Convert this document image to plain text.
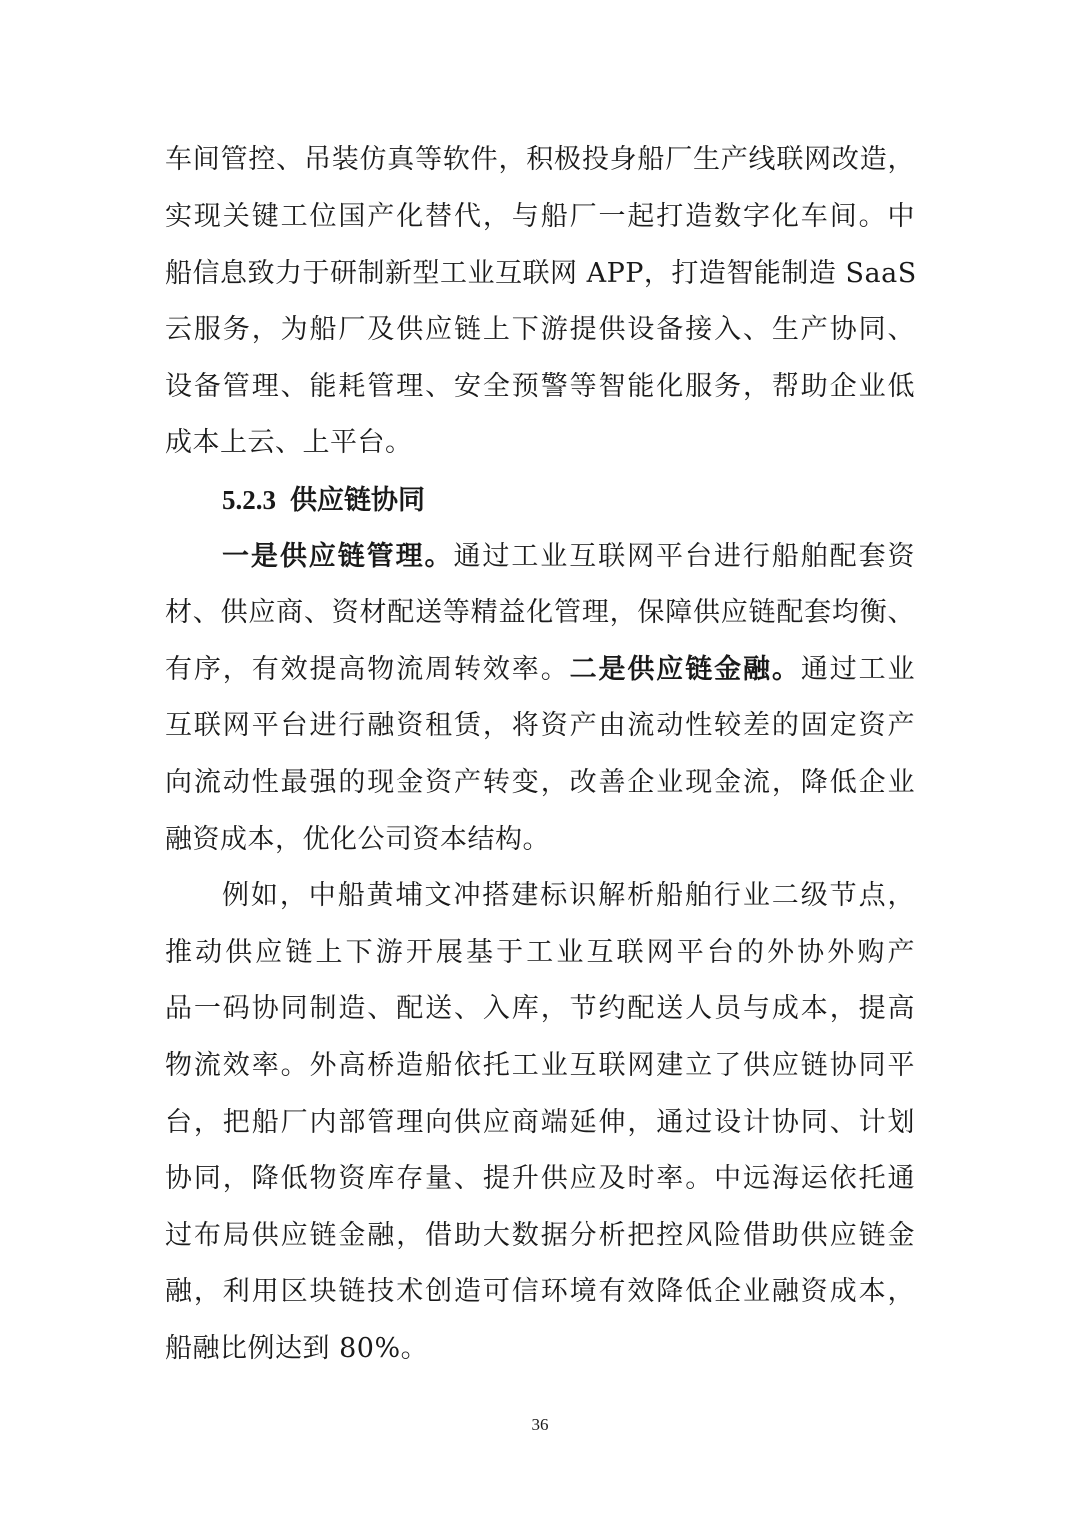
车间管控、吊装仿真等软件，积极投身船厂生产线联网改造，
实现关键工位国产化替代，与船厂一起打造数字化车间。中
船信息致力于研制新型工业互联网 APP，打造智能制造 SaaS
云服务，为船厂及供应链上下游提供设备接入、生产协同、
设备管理、能耗管理、安全预警等智能化服务，帮助企业低
成本上云、上平台。
5.2.3 供应链协同
一是供应链管理。通过工业互联网平台进行船舶配套资
材、供应商、资材配送等精益化管理，保障供应链配套均衡、
有序，有效提高物流周转效率。二是供应链金融。通过工业
互联网平台进行融资租赁，将资产由流动性较差的固定资产
向流动性最强的现金资产转变，改善企业现金流，降低企业
融资成本，优化公司资本结构。
例如，中船黄埔文冲搭建标识解析船舶行业二级节点，
推动供应链上下游开展基于工业互联网平台的外协外购产
品一码协同制造、配送、入库，节约配送人员与成本，提高
物流效率。外高桥造船依托工业互联网建立了供应链协同平
台，把船厂内部管理向供应商端延伸，通过设计协同、计划
协同，降低物资库存量、提升供应及时率。中远海运依托通
过布局供应链金融，借助大数据分析把控风险借助供应链金
融，利用区块链技术创造可信环境有效降低企业融资成本，
船融比例达到 80%。
36
